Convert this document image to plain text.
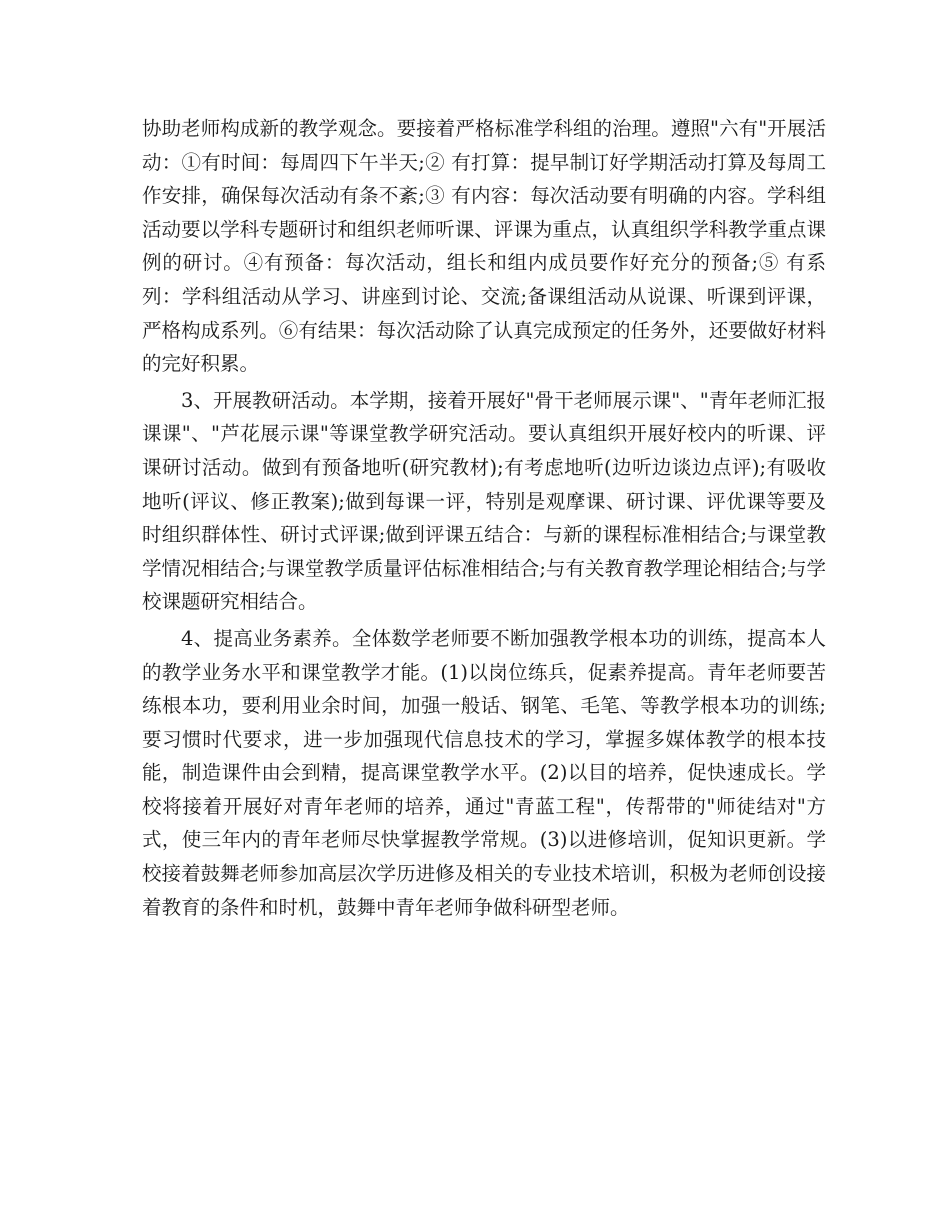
协助老师构成新的教学观念。要接着严格标准学科组的治理。遵照"六有"开展活动：①有时间：每周四下午半天;② 有打算：提早制订好学期活动打算及每周工作安排，确保每次活动有条不紊;③ 有内容：每次活动要有明确的内容。学科组活动要以学科专题研讨和组织老师听课、评课为重点，认真组织学科教学重点课例的研讨。④有预备：每次活动，组长和组内成员要作好充分的预备;⑤ 有系列：学科组活动从学习、讲座到讨论、交流;备课组活动从说课、听课到评课，严格构成系列。⑥有结果：每次活动除了认真完成预定的任务外，还要做好材料的完好积累。

3、开展教研活动。本学期，接着开展好"骨干老师展示课"、"青年老师汇报课课"、"芦花展示课"等课堂教学研究活动。要认真组织开展好校内的听课、评课研讨活动。做到有预备地听(研究教材);有考虑地听(边听边谈边点评);有吸收地听(评议、修正教案);做到每课一评，特别是观摩课、研讨课、评优课等要及时组织群体性、研讨式评课;做到评课五结合：与新的课程标准相结合;与课堂教学情况相结合;与课堂教学质量评估标准相结合;与有关教育教学理论相结合;与学校课题研究相结合。

4、提高业务素养。全体数学老师要不断加强教学根本功的训练，提高本人的教学业务水平和课堂教学才能。(1)以岗位练兵，促素养提高。青年老师要苦练根本功，要利用业余时间，加强一般话、钢笔、毛笔、等教学根本功的训练;要习惯时代要求，进一步加强现代信息技术的学习，掌握多媒体教学的根本技能，制造课件由会到精，提高课堂教学水平。(2)以目的培养，促快速成长。学校将接着开展好对青年老师的培养，通过"青蓝工程"，传帮带的"师徒结对"方式，使三年内的青年老师尽快掌握教学常规。(3)以进修培训，促知识更新。学校接着鼓舞老师参加高层次学历进修及相关的专业技术培训，积极为老师创设接着教育的条件和时机，鼓舞中青年老师争做科研型老师。
